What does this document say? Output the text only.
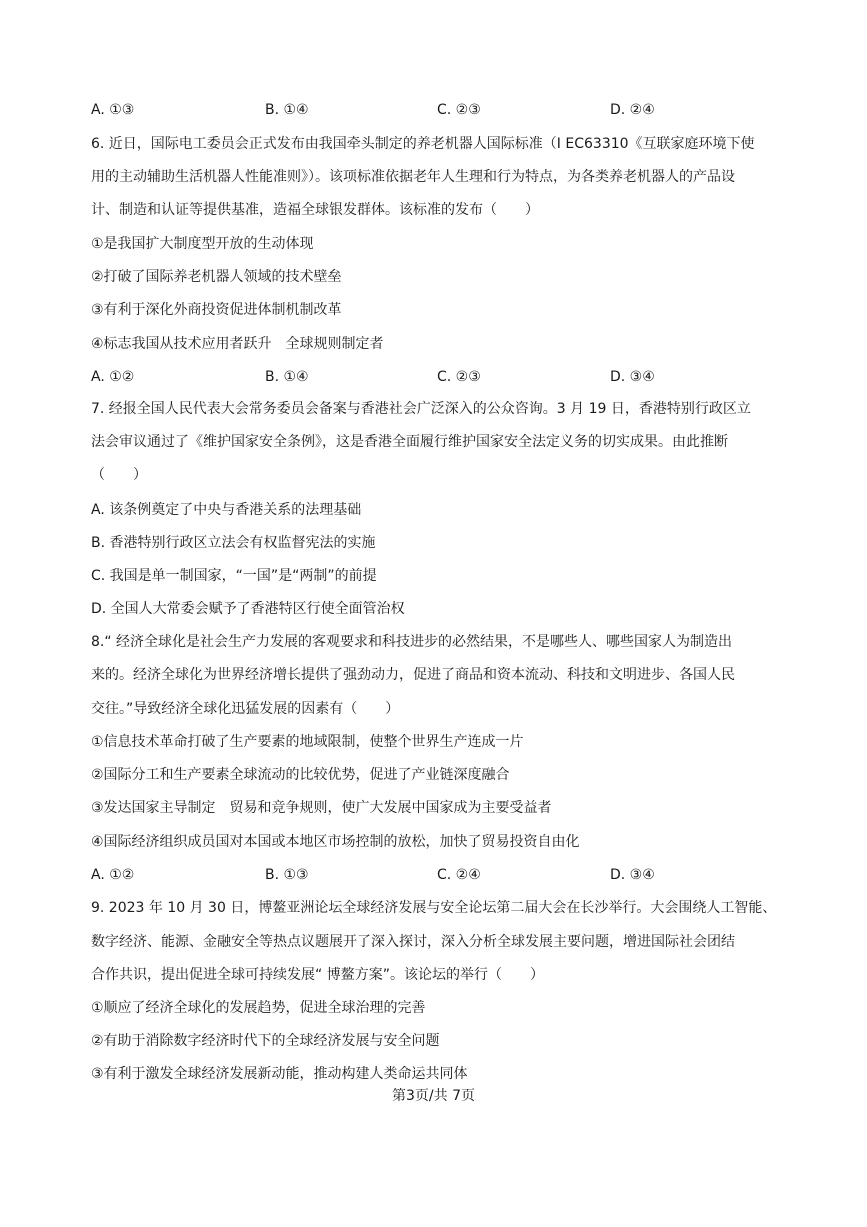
A. ①③	B. ①④	C. ②③	D. ②④
6. 近日，国际电工委员会正式发布由我国牵头制定的养老机器人国际标准（I EC63310《互联家庭环境下使
用的主动辅助生活机器人性能准则》）。该项标准依据老年人生理和行为特点，为各类养老机器人的产品设
计、制造和认证等提供基准，造福全球银发群体。该标准的发布（　　）
①是我国扩大制度型开放的生动体现
②打破了国际养老机器人领域的技术壁垒
③有利于深化外商投资促进体制机制改革
④标志我国从技术应用者跃升　全球规则制定者
A. ①②	B. ①④	C. ②③	D. ③④
7. 经报全国人民代表大会常务委员会备案与香港社会广泛深入的公众咨询。3 月 19 日，香港特别行政区立
法会审议通过了《维护国家安全条例》，这是香港全面履行维护国家安全法定义务的切实成果。由此推断
（　　）
A. 该条例奠定了中央与香港关系的法理基础
B. 香港特别行政区立法会有权监督宪法的实施
C. 我国是单一制国家，“一国”是“两制”的前提
D. 全国人大常委会赋予了香港特区行使全面管治权
8.“ 经济全球化是社会生产力发展的客观要求和科技进步的必然结果，不是哪些人、哪些国家人为制造出
来的。经济全球化为世界经济增长提供了强劲动力，促进了商品和资本流动、科技和文明进步、各国人民
交往。”导致经济全球化迅猛发展的因素有（　　）
①信息技术革命打破了生产要素的地域限制，使整个世界生产连成一片
②国际分工和生产要素全球流动的比较优势，促进了产业链深度融合
③发达国家主导制定　贸易和竞争规则，使广大发展中国家成为主要受益者
④国际经济组织成员国对本国或本地区市场控制的放松，加快了贸易投资自由化
A. ①②	B. ①③	C. ②④	D. ③④
9. 2023 年 10 月 30 日，博鳌亚洲论坛全球经济发展与安全论坛第二届大会在长沙举行。大会围绕人工智能、
数字经济、能源、金融安全等热点议题展开了深入探讨，深入分析全球发展主要问题，增进国际社会团结
合作共识，提出促进全球可持续发展“ 博鳌方案”。该论坛的举行（　　）
①顺应了经济全球化的发展趋势，促进全球治理的完善
②有助于消除数字经济时代下的全球经济发展与安全问题
③有利于激发全球经济发展新动能，推动构建人类命运共同体
第3页/共 7页
